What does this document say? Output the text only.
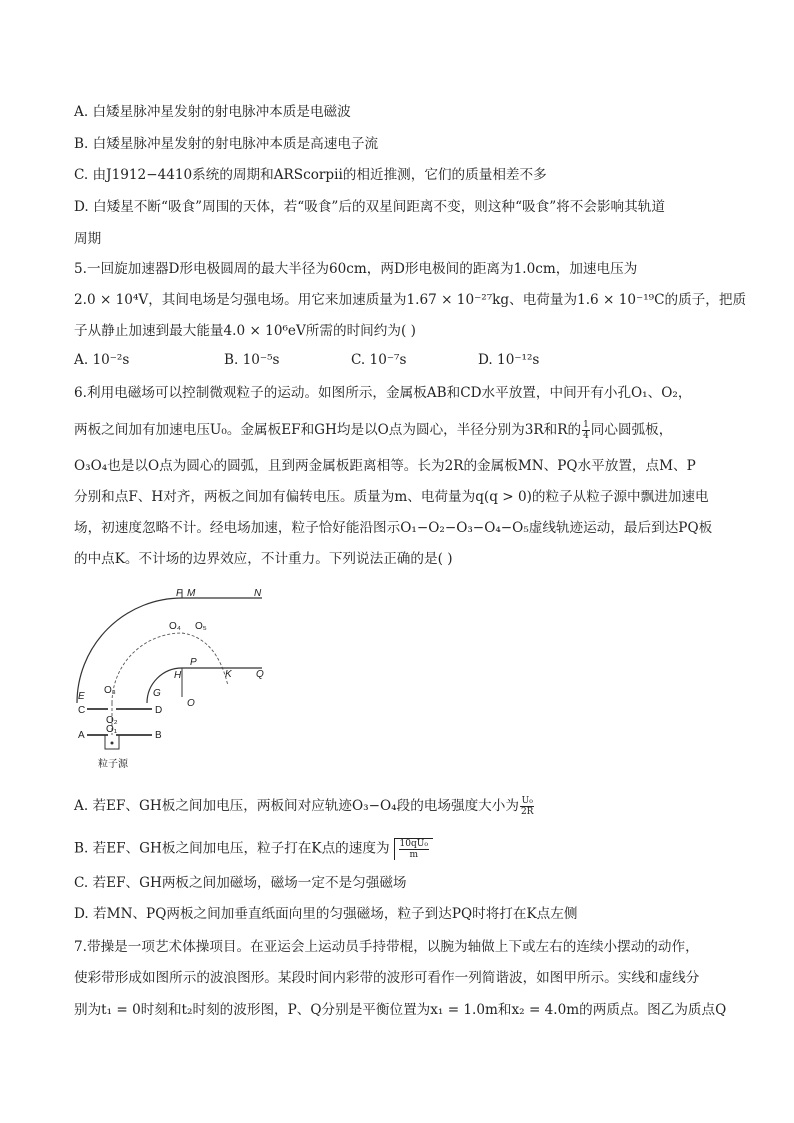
A. 白矮星脉冲星发射的射电脉冲本质是电磁波
B. 白矮星脉冲星发射的射电脉冲本质是高速电子流
C. 由J1912−4410系统的周期和ARScorpii的相近推测，它们的质量相差不多
D. 白矮星不断“吸食”周围的天体，若“吸食”后的双星间距离不变，则这种“吸食”将不会影响其轨道
周期
5.一回旋加速器D形电极圆周的最大半径为60cm，两D形电极间的距离为1.0cm，加速电压为
2.0 × 10⁴V，其间电场是匀强电场。用它来加速质量为1.67 × 10⁻²⁷kg、电荷量为1.6 × 10⁻¹⁹C的质子，把质
子从静止加速到最大能量4.0 × 10⁶eV所需的时间约为( )
A. 10⁻²s	B. 10⁻⁵s	C. 10⁻⁷s	D. 10⁻¹²s
6.利用电磁场可以控制微观粒子的运动。如图所示，金属板AB和CD水平放置，中间开有小孔O₁、O₂，
两板之间加有加速电压U₀。金属板EF和GH均是以O点为圆心，半径分别为3R和R的 $\frac{1}{4}$ 同心圆弧板，
O₃O₄也是以O点为圆心的圆弧，且到两金属板距离相等。长为2R的金属板MN、PQ水平放置，点M、P
分别和点F、H对齐，两板之间加有偏转电压。质量为m、电荷量为q(q > 0)的粒子从粒子源中飘进加速电
场，初速度忽略不计。经电场加速，粒子恰好能沿图示O₁−O₂−O₃−O₄−O₅虚线轨迹运动，最后到达PQ板
的中点K。不计场的边界效应，不计重力。下列说法正确的是( )
F M	N
O₄ O₅
H
P
K Q
E
O₃	G
O
C	D
O₂
O₁
A	B
粒子源
A. 若EF、GH板之间加电压，两板间对应轨迹O₃−O₄段的电场强度大小为 $\frac{\text{U₀}}{2R}$
B. 若EF、GH板之间加电压，粒子打在K点的速度为 $\frac{\text{10qU₀}}{m}$
C. 若EF、GH两板之间加磁场，磁场一定不是匀强磁场
D. 若MN、PQ两板之间加垂直纸面向里的匀强磁场，粒子到达PQ时将打在K点左侧
7.带操是一项艺术体操项目。在亚运会上运动员手持带棍，以腕为轴做上下或左右的连续小摆动的动作，
使彩带形成如图所示的波浪图形。某段时间内彩带的波形可看作一列简谐波，如图甲所示。实线和虚线分
别为t₁ = 0时刻和t₂时刻的波形图，P、Q分别是平衡位置为x₁ = 1.0m和x₂ = 4.0m的两质点。图乙为质点Q
